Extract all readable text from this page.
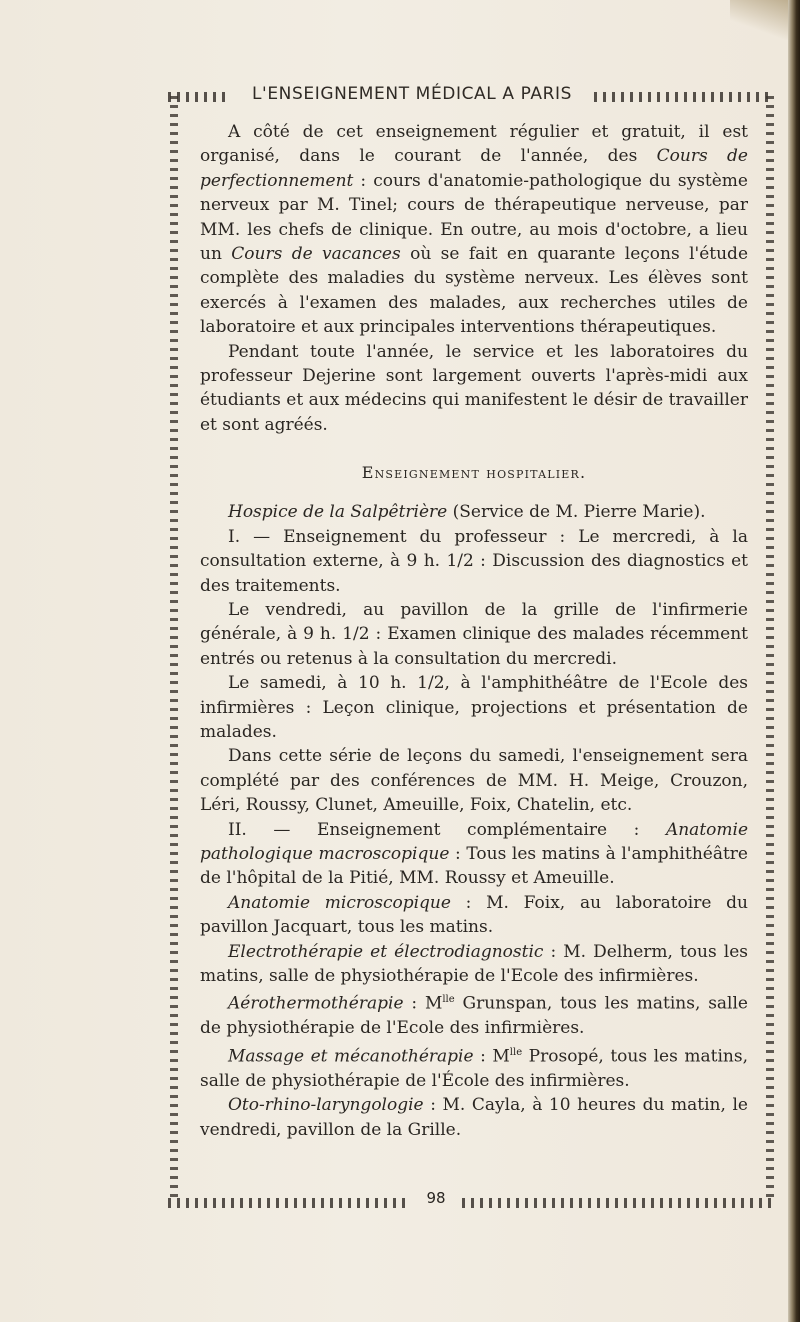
L'ENSEIGNEMENT MÉDICAL A PARIS

A côté de cet enseignement régulier et gratuit, il est organisé, dans le courant de l'année, des Cours de perfectionnement : cours d'anatomie-pathologique du système nerveux par M. Tinel; cours de thérapeutique nerveuse, par MM. les chefs de clinique. En outre, au mois d'octobre, a lieu un Cours de vacances où se fait en quarante leçons l'étude complète des maladies du système nerveux. Les élèves sont exercés à l'examen des malades, aux recherches utiles de laboratoire et aux principales interventions thérapeutiques.

Pendant toute l'année, le service et les laboratoires du professeur Dejerine sont largement ouverts l'après-midi aux étudiants et aux médecins qui manifestent le désir de travailler et sont agréés.

Enseignement hospitalier.

Hospice de la Salpêtrière (Service de M. Pierre Marie).

I. — Enseignement du professeur : Le mercredi, à la consultation externe, à 9 h. 1/2 : Discussion des diagnostics et des traitements.

Le vendredi, au pavillon de la grille de l'infirmerie générale, à 9 h. 1/2 : Examen clinique des malades récemment entrés ou retenus à la consultation du mercredi.

Le samedi, à 10 h. 1/2, à l'amphithéâtre de l'Ecole des infirmières : Leçon clinique, projections et présentation de malades.

Dans cette série de leçons du samedi, l'enseignement sera complété par des conférences de MM. H. Meige, Crouzon, Léri, Roussy, Clunet, Ameuille, Foix, Chatelin, etc.

II. — Enseignement complémentaire : Anatomie pathologique macroscopique : Tous les matins à l'amphithéâtre de l'hôpital de la Pitié, MM. Roussy et Ameuille.

Anatomie microscopique : M. Foix, au laboratoire du pavillon Jacquart, tous les matins.

Electrothérapie et électrodiagnostic : M. Delherm, tous les matins, salle de physiothérapie de l'Ecole des infirmières.

Aérothermothérapie : $M^{lle}$ Grunspan, tous les matins, salle de physiothérapie de l'Ecole des infirmières.

Massage et mécanothérapie : $M^{lle}$ Prosopé, tous les matins, salle de physiothérapie de l'École des infirmières.

Oto-rhino-laryngologie : M. Cayla, à 10 heures du matin, le vendredi, pavillon de la Grille.

98
